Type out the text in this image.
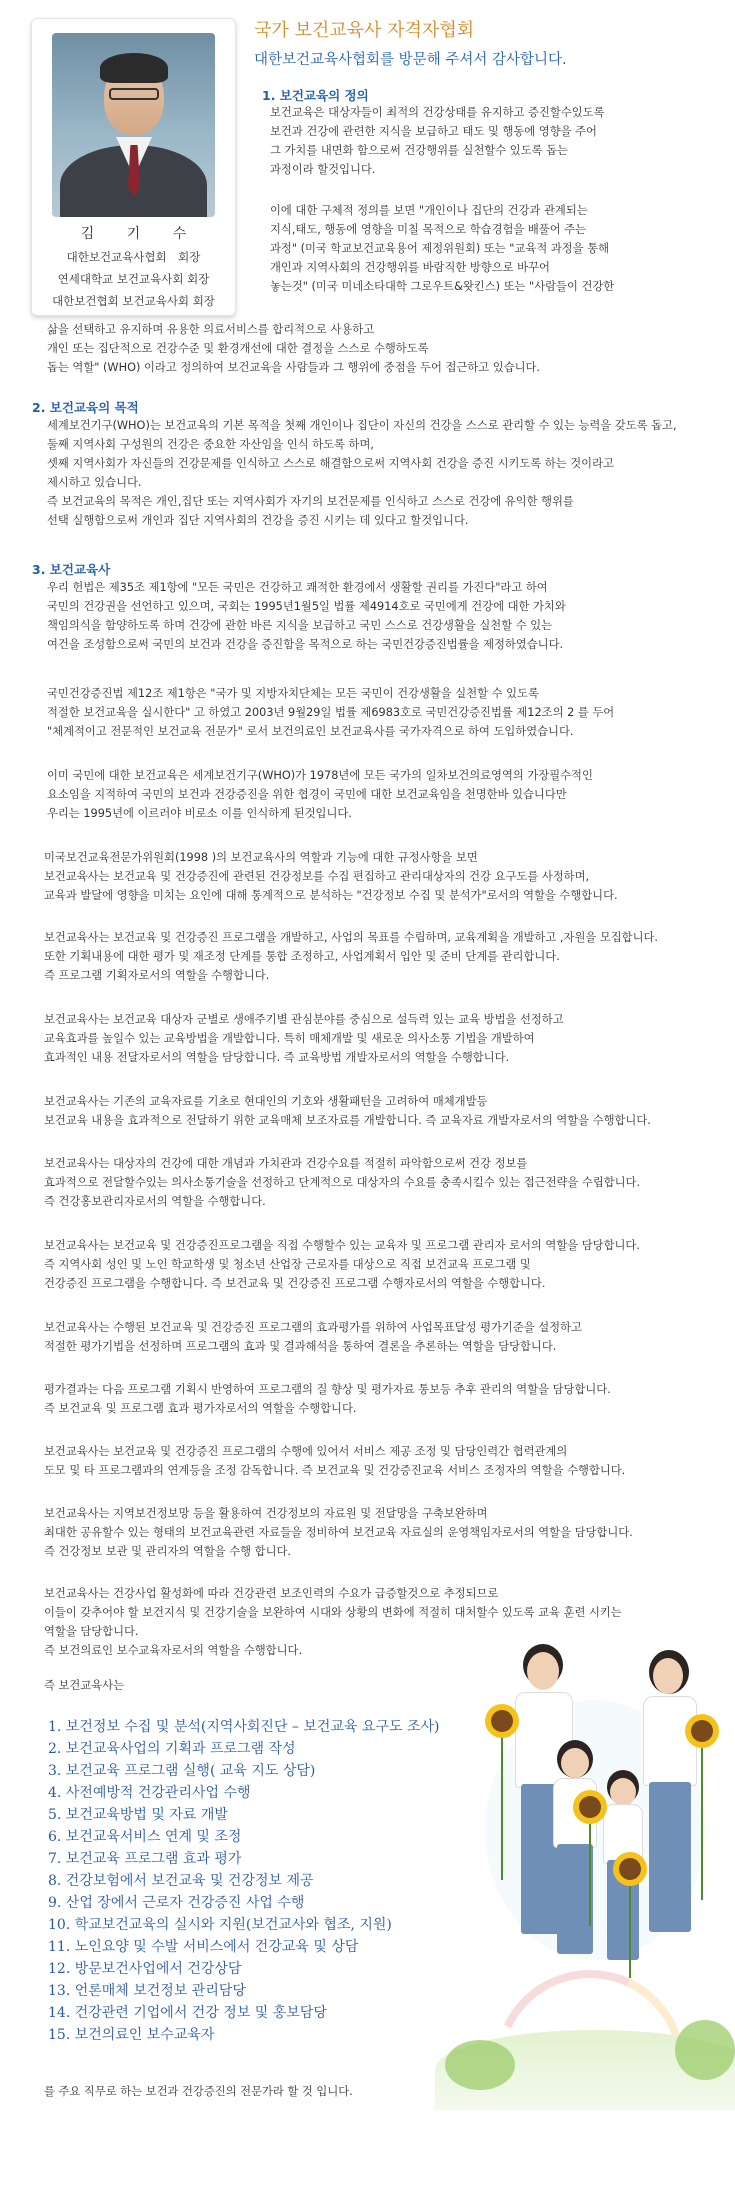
김 기 수
대한보건교육사협회　회장
연세대학교 보건교육사회 회장
대한보건협회 보건교육사회 회장
국가 보건교육사 자격자협회
대한보건교육사협회를 방문해 주셔서 감사합니다.
1. 보건교육의 정의
보건교육은 대상자들이 최적의 건강상태를 유지하고 증진할수있도록
보건과 건강에 관련한 지식을 보급하고 태도 및 행동에 영향을 주어
그 가치를 내면화 함으로써 건강행위를 실천할수 있도록 돕는
과정이라 할것입니다.
이에 대한 구체적 정의를 보면 "개인이나 집단의 건강과 관계되는
지식,태도, 행동에 영향을 미칠 목적으로 학습경험을 배풀어 주는
과정" (미국 학교보건교육용어 제정위원회) 또는 "교육적 과정을 통해
개인과 지역사회의 건강행위를 바람직한 방향으로 바꾸어
놓는것" (미국 미네소타대학 그로우트&왓킨스) 또는 "사람들이 건강한
삶을 선택하고 유지하며 유용한 의료서비스를 합리적으로 사용하고
개인 또는 집단적으로 건강수준 및 환경개선에 대한 결정을 스스로 수행하도록
돕는 역할" (WHO) 이라고 정의하여 보건교육을 사람들과 그 행위에 중점을 두어 접근하고 있습니다.
2. 보건교육의 목적
세계보건기구(WHO)는 보건교육의 기본 목적을 첫째 개인이나 집단이 자신의 건강을 스스로 관리할 수 있는 능력을 갖도록 돕고,
둘째 지역사회 구성원의 건강은 중요한 자산임을 인식 하도록 하며,
셋째 지역사회가 자신들의 건강문제를 인식하고 스스로 해결함으로써 지역사회 건강을 증진 시키도록 하는 것이라고
제시하고 있습니다.
즉 보건교육의 목적은 개인,집단 또는 지역사회가 자기의 보건문제를 인식하고 스스로 건강에 유익한 행위를
선택 실행함으로써 개인과 집단 지역사회의 건강을 증진 시키는 데 있다고 할것입니다.
3. 보건교육사
우리 헌법은 제35조 제1항에 "모든 국민은 건강하고 쾌적한 환경에서 생활할 권리를 가진다"라고 하여
국민의 건강권을 선언하고 있으며, 국회는 1995년1월5일 법률 제4914호로 국민에게 건강에 대한 가치와
책임의식을 함양하도록 하며 건강에 관한 바른 지식을 보급하고 국민 스스로 건강생활을 실천할 수 있는
여건을 조성함으로써 국민의 보건과 건강을 증진함을 목적으로 하는 국민건강증진법률을 제정하였습니다.
국민건강증진법 제12조 제1항은 "국가 및 지방자치단체는 모든 국민이 건강생활을 실천할 수 있도록
적절한 보건교육을 실시한다" 고 하였고 2003년 9월29일 법률 제6983호로 국민건강증진법률 제12조의 2 를 두어
"체계적이고 전문적인 보건교육 전문가" 로서 보건의료인 보건교육사를 국가자격으로 하여 도입하였습니다.
이미 국민에 대한 보건교육은 세계보건기구(WHO)가 1978년에 모든 국가의 일차보건의료영역의 가장필수적인
요소임을 지적하여 국민의 보건과 건강증진을 위한 협경이 국민에 대한 보건교육임을 천명한바 있습니다만
우리는 1995년에 이르러야 비로소 이를 인식하게 된것입니다.
미국보건교육전문가위원회(1998 )의 보건교육사의 역할과 기능에 대한 규정사항을 보면
보건교육사는 보건교육 및 건강증진에 관련된 건강정보를 수집 편집하고 관리대상자의 건강 요구도를 사정하며,
교육과 발달에 영향을 미치는 요인에 대해 통계적으로 분석하는 "건강정보 수집 및 분석가"로서의 역할을 수행합니다.
보건교육사는 보건교육 및 건강증진 프로그램을 개발하고, 사업의 목표를 수립하며, 교육계획을 개발하고 ,자원을 모집합니다.
또한 기획내용에 대한 평가 및 재조정 단계를 통합 조정하고, 사업계획서 입안 및 준비 단계를 관리합니다.
즉 프로그램 기획자로서의 역할을 수행합니다.
보건교육사는 보건교육 대상자 군별로 생애주기별 관심분야를 중심으로 설득력 있는 교육 방법을 선정하고
교육효과를 높일수 있는 교육방법을 개발합니다. 특히 매체개발 및 새로운 의사소통 기법을 개발하여
효과적인 내용 전달자로서의 역할을 담당합니다. 즉 교육방법 개발자로서의 역할을 수행합니다.
보건교육사는 기존의 교육자료를 기초로 현대인의 기호와 생활패턴을 고려하여 매체개발등
보건교육 내용을 효과적으로 전달하기 위한 교육매체 보조자료를 개발합니다. 즉 교육자료 개발자로서의 역할을 수행합니다.
보건교육사는 대상자의 건강에 대한 개념과 가치관과 건강수요를 적절히 파악함으로써 건강 정보를
효과적으로 전달할수있는 의사소통기술을 선정하고 단계적으로 대상자의 수요를 충족시킬수 있는 접근전략을 수립합니다.
즉 건강홍보관리자로서의 역할을 수행합니다.
보건교육사는 보건교육 및 건강증진프로그램을 직접 수행할수 있는 교육자 및 프로그램 관리자 로서의 역할을 담당합니다.
즉 지역사회 성인 및 노인 학교학생 및 청소년 산업장 근로자를 대상으로 직접 보건교육 프로그램 및
건강증진 프로그램을 수행합니다. 즉 보건교육 및 건강증진 프로그램 수행자로서의 역할을 수행합니다.
보건교육사는 수행된 보건교육 및 건강증진 프로그램의 효과평가를 위하여 사업목표달성 평가기준을 설정하고
적절한 평가기법을 선정하며 프로그램의 효과 및 결과해석을 통하여 결론을 추론하는 역할을 담당합니다.
평가결과는 다음 프로그램 기획시 반영하여 프로그램의 질 향상 및 평가자료 통보등 추후 관리의 역할을 담당합니다.
즉 보건교육 및 프로그램 효과 평가자로서의 역할을 수행합니다.
보건교육사는 보건교육 및 건강증진 프로그램의 수행에 있어서 서비스 제공 조정 및 담당인력간 협력관계의
도모 및 타 프로그램과의 연계등을 조정 감독합니다. 즉 보건교육 및 건강증진교육 서비스 조정자의 역할을 수행합니다.
보건교육사는 지역보건정보망 등을 활용하여 건강정보의 자료원 및 전달망을 구축보완하며
최대한 공유할수 있는 형태의 보건교육관련 자료들을 정비하여 보건교육 자료실의 운영책임자로서의 역할을 담당합니다.
즉 건강정보 보관 및 관리자의 역할을 수행 합니다.
보건교육사는 건강사업 활성화에 따라 건강관련 보조인력의 수요가 급증할것으로 추정되므로
이들이 갖추어야 할 보건지식 및 건강기술을 보완하여 시대와 상황의 변화에 적절히 대처할수 있도록 교육 훈련 시키는
역할을 담당합니다.
즉 보건의료인 보수교육자로서의 역할을 수행합니다.
즉 보건교육사는
1. 보건정보 수집 및 분석(지역사회진단 – 보건교육 요구도 조사)
2. 보건교육사업의 기획과 프로그램 작성
3. 보건교육 프로그램 실행( 교육 지도 상담)
4. 사전예방적 건강관리사업 수행
5. 보건교육방법 및 자료 개발
6. 보건교육서비스 연계 및 조정
7. 보건교육 프로그램 효과 평가
8. 건강보험에서 보건교육 및 건강정보 제공
9. 산업 장에서 근로자 건강증진 사업 수행
10. 학교보건교육의 실시와 지원(보건교사와 협조, 지원)
11. 노인요양 및 수발 서비스에서 건강교육 및 상담
12. 방문보건사업에서 건강상담
13. 언론매체 보건정보 관리담당
14. 건강관련 기업에서 건강 정보 및 홍보담당
15. 보건의료인 보수교육자
를 주요 직무로 하는 보건과 건강증진의 전문가라 할 것 입니다.
